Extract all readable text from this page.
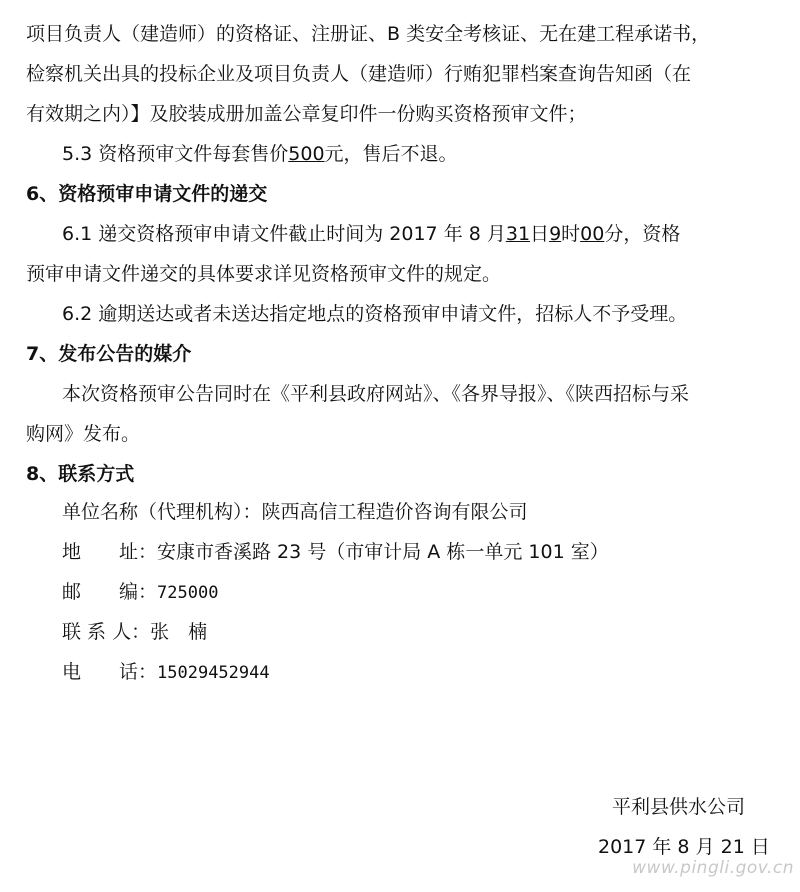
项目负责人（建造师）的资格证、注册证、B 类安全考核证、无在建工程承诺书，
检察机关出具的投标企业及项目负责人（建造师）行贿犯罪档案查询告知函（在
有效期之内）】及胶装成册加盖公章复印件一份购买资格预审文件；
5.3 资格预审文件每套售价500元，售后不退。
6、资格预审申请文件的递交
6.1 递交资格预审申请文件截止时间为 2017 年 8 月31日9时00分，资格
预审申请文件递交的具体要求详见资格预审文件的规定。
6.2 逾期送达或者未送达指定地点的资格预审申请文件，招标人不予受理。
7、发布公告的媒介
本次资格预审公告同时在《平利县政府网站》、《各界导报》、《陕西招标与采
购网》发布。
8、联系方式
单位名称（代理机构）：陕西高信工程造价咨询有限公司
地　　址：安康市香溪路 23 号（市审计局 A 栋一单元 101 室）
邮　　编：725000
联 系 人：张　楠
电　　话：15029452944
平利县供水公司
2017 年 8 月 21 日
www.pingli.gov.cn
